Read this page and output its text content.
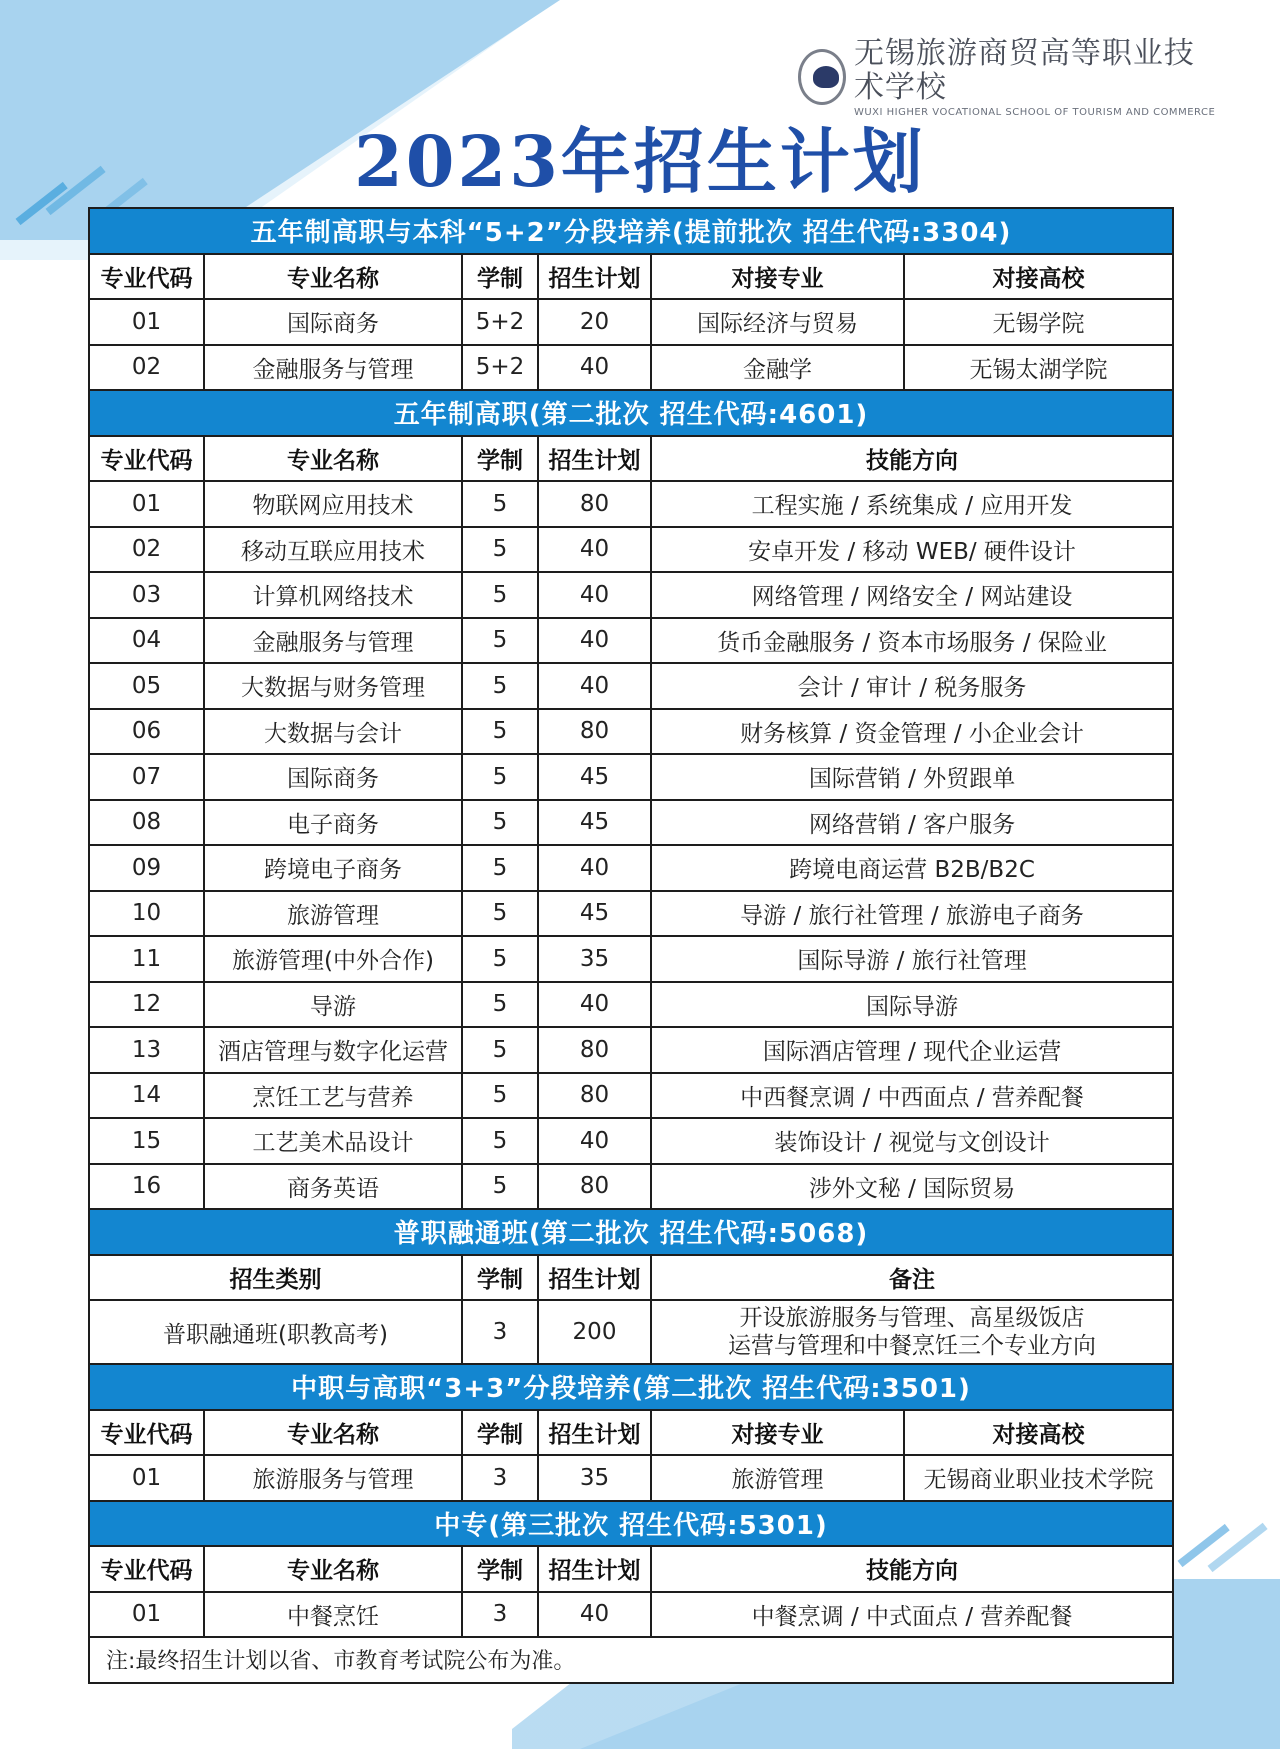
无锡旅游商贸高等职业技术学校
WUXI HIGHER VOCATIONAL SCHOOL OF TOURISM AND COMMERCE
2023年招生计划
五年制高职与本科“5+2”分段培养(提前批次 招生代码:3304)					
专业代码	专业名称	学制	招生计划	对接专业	对接高校
01	国际商务	5+2	20	国际经济与贸易	无锡学院
02	金融服务与管理	5+2	40	金融学	无锡太湖学院
五年制高职(第二批次 招生代码:4601)					
专业代码	专业名称	学制	招生计划	技能方向	
01	物联网应用技术	5	80	工程实施 / 系统集成 / 应用开发	
02	移动互联应用技术	5	40	安卓开发 / 移动 WEB/ 硬件设计	
03	计算机网络技术	5	40	网络管理 / 网络安全 / 网站建设	
04	金融服务与管理	5	40	货币金融服务 / 资本市场服务 / 保险业	
05	大数据与财务管理	5	40	会计 / 审计 / 税务服务	
06	大数据与会计	5	80	财务核算 / 资金管理 / 小企业会计	
07	国际商务	5	45	国际营销 / 外贸跟单	
08	电子商务	5	45	网络营销 / 客户服务	
09	跨境电子商务	5	40	跨境电商运营 B2B/B2C	
10	旅游管理	5	45	导游 / 旅行社管理 / 旅游电子商务	
11	旅游管理(中外合作)	5	35	国际导游 / 旅行社管理	
12	导游	5	40	国际导游	
13	酒店管理与数字化运营	5	80	国际酒店管理 / 现代企业运营	
14	烹饪工艺与营养	5	80	中西餐烹调 / 中西面点 / 营养配餐	
15	工艺美术品设计	5	40	装饰设计 / 视觉与文创设计	
16	商务英语	5	80	涉外文秘 / 国际贸易	
普职融通班(第二批次 招生代码:5068)					
招生类别		学制	招生计划	备注	
普职融通班(职教高考)		3	200	开设旅游服务与管理、高星级饭店
运营与管理和中餐烹饪三个专业方向	

中职与高职“3+3”分段培养(第二批次 招生代码:3501)					
专业代码	专业名称	学制	招生计划	对接专业	对接高校
01	旅游服务与管理	3	35	旅游管理	无锡商业职业技术学院
中专(第三批次 招生代码:5301)					
专业代码	专业名称	学制	招生计划	技能方向	
01	中餐烹饪	3	40	中餐烹调 / 中式面点 / 营养配餐	
注:最终招生计划以省、市教育考试院公布为准。					
